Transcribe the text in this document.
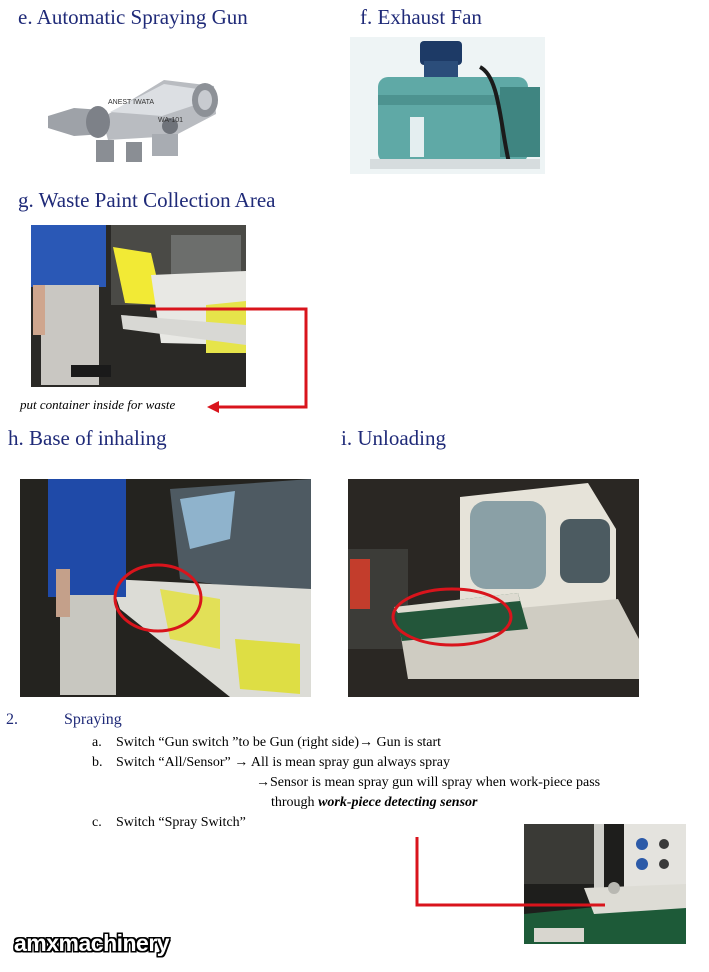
e. Automatic Spraying Gun
ANEST IWATA
WA-101
f. Exhaust Fan
g. Waste Paint Collection Area
put container inside for waste
h. Base of inhaling	i. Unloading
2.	Spraying
a. Switch “Gun switch ”to be Gun (right side)→ Gun is start
b. Switch “All/Sensor” → All is mean spray gun always spray
→Sensor is mean spray gun will spray when work-piece pass
through work-piece detecting sensor
c. Switch “Spray Switch”
amxmachinery
